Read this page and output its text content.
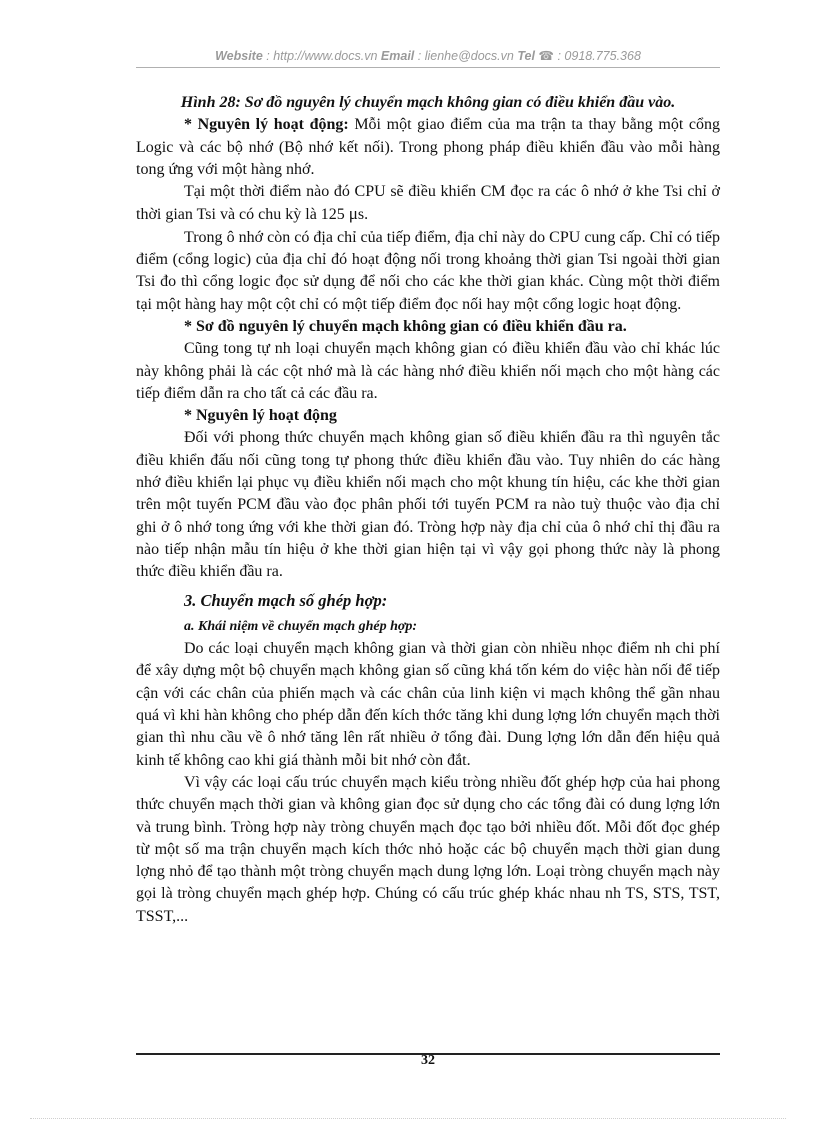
Website : http://www.docs.vn Email : lienhe@docs.vn Tel ☎ : 0918.775.368

Hình 28: Sơ đồ nguyên lý chuyển mạch không gian có điều khiển đầu vào.

* Nguyên lý hoạt động: Mỗi một giao điểm của ma trận ta thay bằng một cổng Logic và các bộ nhớ (Bộ nhớ kết nối). Trong phong pháp điều khiển đầu vào mỗi hàng tong ứng với một hàng nhớ.

Tại một thời điểm nào đó CPU sẽ điều khiển CM đọc ra các ô nhớ ở khe Tsi chỉ ở thời gian Tsi và có chu kỳ là 125 μs.

Trong ô nhớ còn có địa chỉ của tiếp điểm, địa chỉ này do CPU cung cấp. Chỉ có tiếp điểm (cổng logic) của địa chỉ đó hoạt động nối trong khoảng thời gian Tsi ngoài thời gian Tsi đo thì cổng logic đọc sử dụng để nối cho các khe thời gian khác. Cùng một thời điểm tại một hàng hay một cột chỉ có một tiếp điểm đọc nối hay một cổng logic hoạt động.

* Sơ đồ nguyên lý chuyển mạch không gian có điều khiển đầu ra.

Cũng tong tự nh loại chuyển mạch không gian có điều khiển đầu vào chỉ khác lúc này không phải là các cột nhớ mà là các hàng nhớ điều khiển nối mạch cho một hàng các tiếp điểm dẫn ra cho tất cả các đầu ra.

* Nguyên lý hoạt động

Đối với phong thức chuyển mạch không gian số điều khiển đầu ra thì nguyên tắc điều khiển đấu nối cũng tong tự phong thức điều khiển đầu vào. Tuy nhiên do các hàng nhớ điều khiển lại phục vụ điều khiển nối mạch cho một khung tín hiệu, các khe thời gian trên một tuyến PCM đầu vào đọc phân phối tới tuyến PCM ra nào tuỳ thuộc vào địa chỉ ghi ở ô nhớ tong ứng với khe thời gian đó. Tròng hợp này địa chỉ của ô nhớ chỉ thị đầu ra nào tiếp nhận mẫu tín hiệu ở khe thời gian hiện tại vì vậy gọi phong thức này là phong thức điều khiển đầu ra.

3. Chuyển mạch số ghép hợp:

a. Khái niệm về chuyển mạch ghép hợp:

Do các loại chuyển mạch không gian và thời gian còn nhiều nhọc điểm nh chi phí để xây dựng một bộ chuyển mạch không gian số cũng khá tốn kém do việc hàn nối để tiếp cận với các chân của phiến mạch và các chân của linh kiện vi mạch không thể gần nhau quá vì khi hàn không cho phép dẫn đến kích thớc tăng khi dung lợng lớn chuyển mạch thời gian thì nhu cầu về ô nhớ tăng lên rất nhiều ở tổng đài. Dung lợng lớn dẫn đến hiệu quả kinh tế không cao khi giá thành mỗi bit nhớ còn đắt.

Vì vậy các loại cấu trúc chuyển mạch kiểu tròng nhiều đốt ghép hợp của hai phong thức chuyển mạch thời gian và không gian đọc sử dụng cho các tổng đài có dung lợng lớn và trung bình. Tròng hợp này tròng chuyển mạch đọc tạo bởi nhiều đốt. Mỗi đốt đọc ghép từ một số ma trận chuyển mạch kích thớc nhỏ hoặc các bộ chuyển mạch thời gian dung lợng nhỏ để tạo thành một tròng chuyển mạch dung lợng lớn. Loại tròng chuyển mạch này gọi là tròng chuyển mạch ghép hợp. Chúng có cấu trúc ghép khác nhau nh TS, STS, TST, TSST,...

32
